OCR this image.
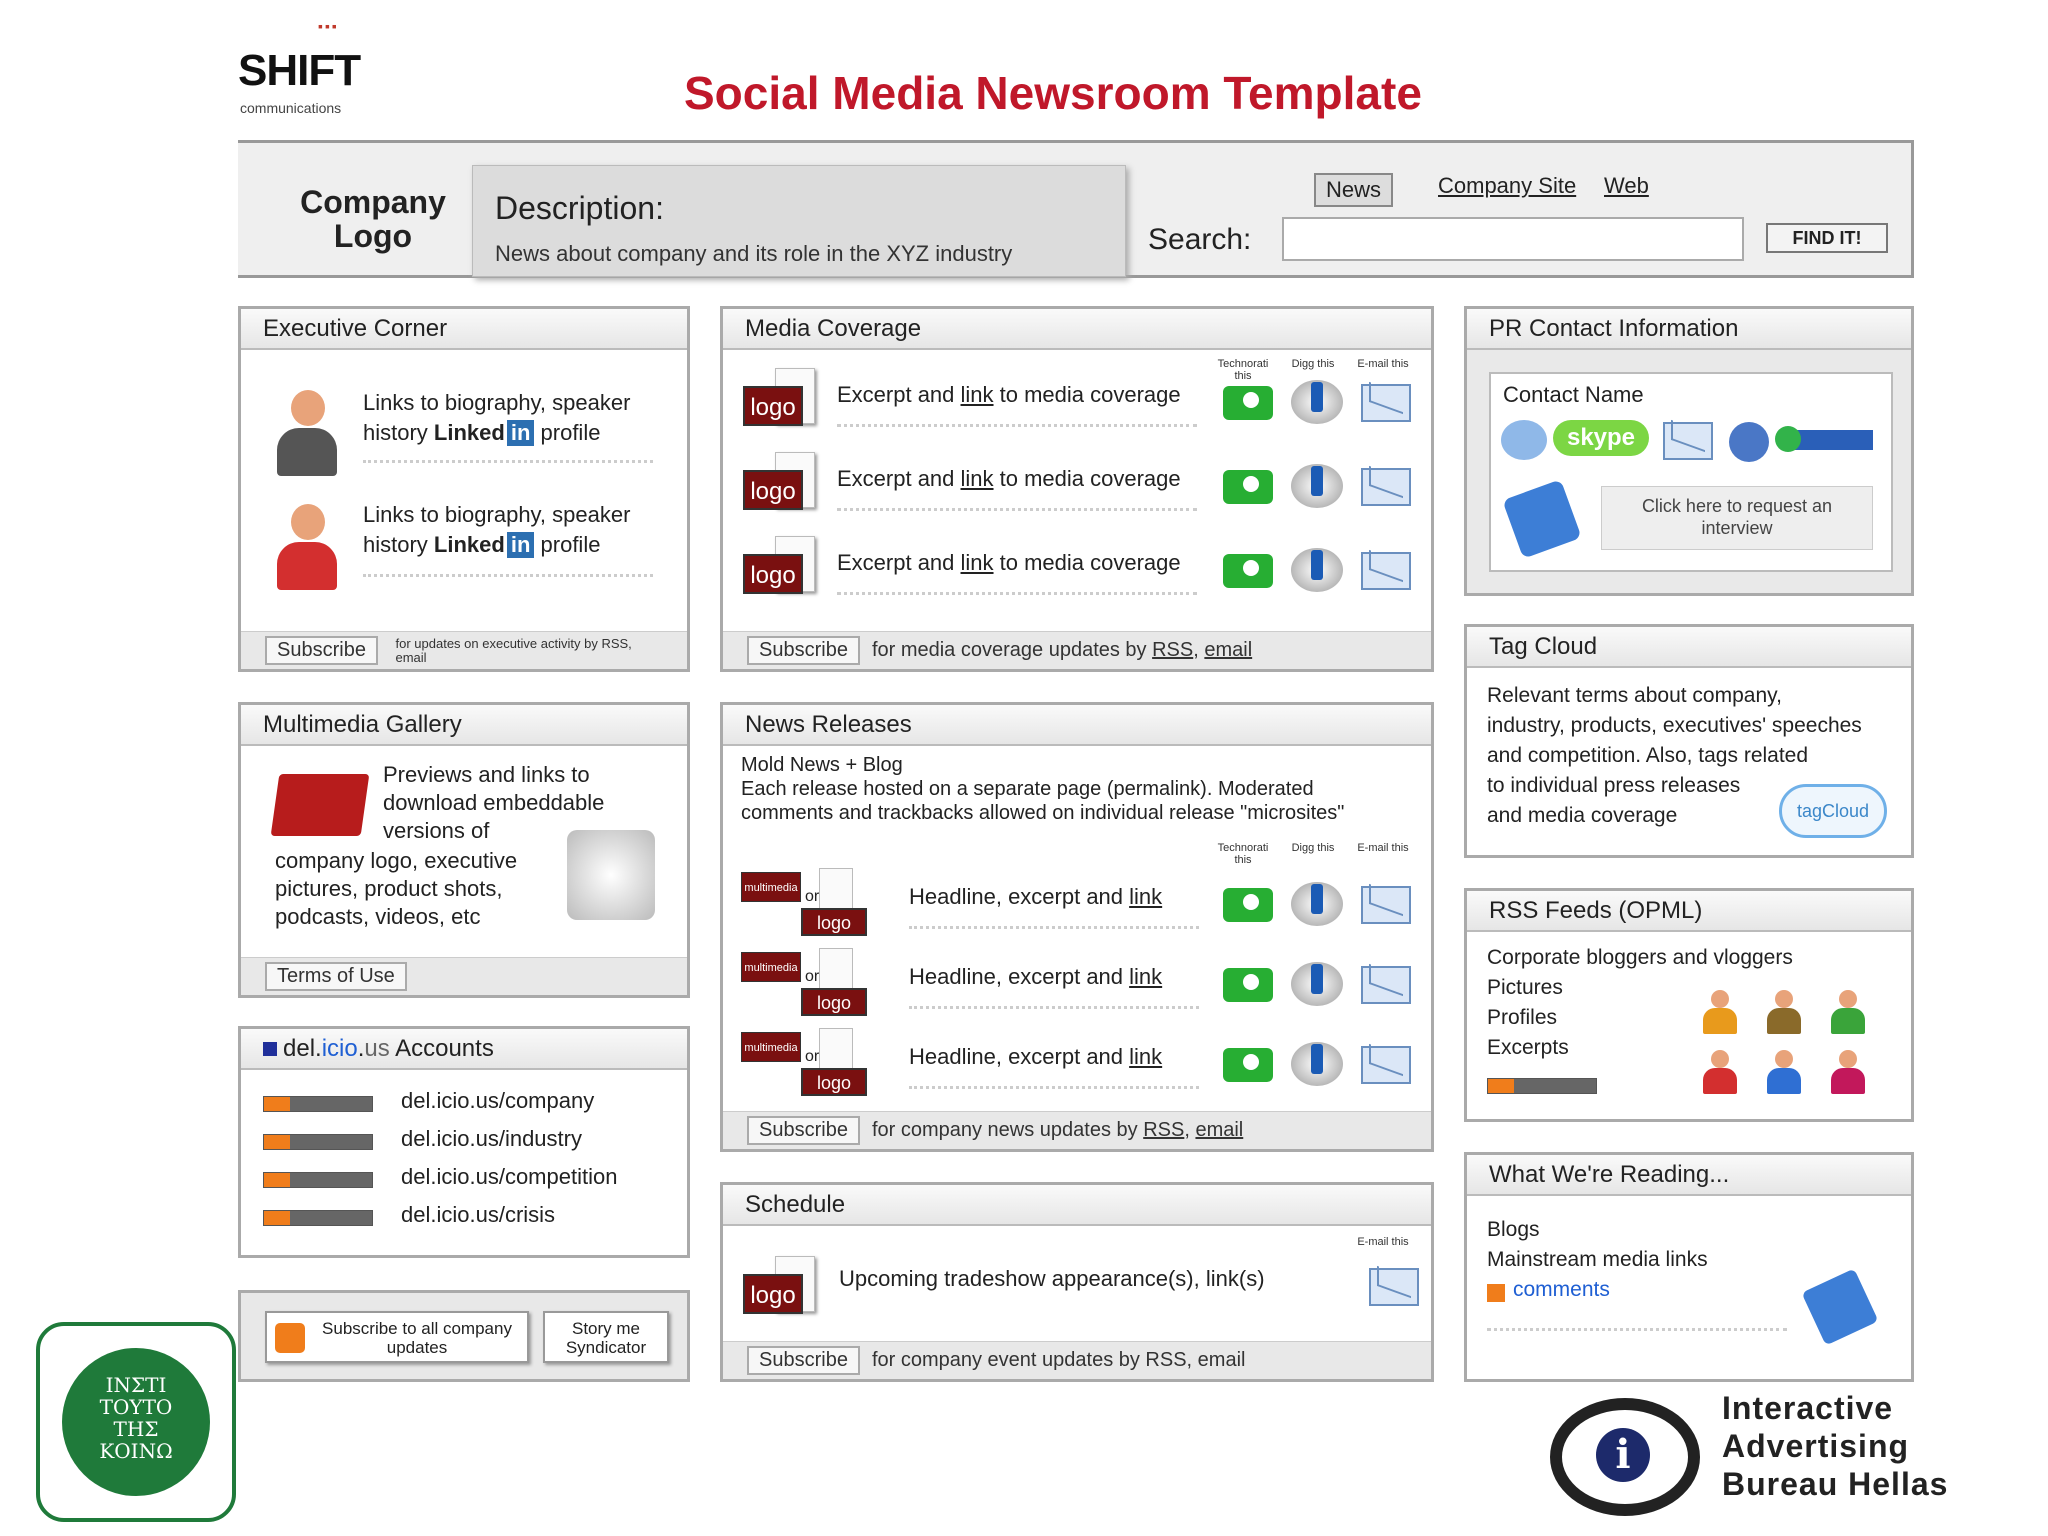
▪▪▪
SHIFT
communications	Social Media Newsroom Template
Company Logo
Description:
News about company and its role in the XYZ industry
News	Company Site Web
Search:	FIND IT!
Executive Corner
Links to biography, speaker
history Linked in profile
Links to biography, speaker
history Linked in profile
Subscribe for updates on executive activity by RSS, email
Media Coverage
Technorati this
Digg this	E-mail this
logo	Excerpt and link to media coverage
logo	Excerpt and link to media coverage
logo	Excerpt and link to media coverage
Subscribe for media coverage updates by RSS, email
PR Contact Information
Contact Name
skype
Click here to request an interview
Multimedia Gallery
Previews and links to
download embeddable
versions of
company logo, executive
pictures, product shots,
podcasts, videos, etc
Terms of Use
News Releases
Mold News + Blog
Each release hosted on a separate page (permalink). Moderated
comments and trackbacks allowed on individual release "microsites"
Technorati this
Digg this	E-mail this
multimedia or
logo
Headline, excerpt and link
multimedia or
logo
Headline, excerpt and link
multimedia or
logo
Headline, excerpt and link
Subscribe for company news updates by RSS, email
Tag Cloud
Relevant terms about company,
industry, products, executives' speeches
and competition. Also, tags related
to individual press releases
and media coverage	tagCloud
RSS Feeds (OPML)
Corporate bloggers and vloggers
Pictures
Profiles
Excerpts
del.icio.us Accounts
del.icio.us/company
del.icio.us/industry
del.icio.us/competition
del.icio.us/crisis
Subscribe to all company updates
Story me Syndicator
Schedule
E-mail this
logo
Upcoming tradeshow appearance(s), link(s)
Subscribe for company event updates by RSS, email
What We're Reading...
Blogs
Mainstream media links
comments
ΙΝΣΤΙ
ΤΟΥΤΟ
ΤΗΣ
ΚΟΙΝΩ
i
Interactive
Advertising
Bureau Hellas
